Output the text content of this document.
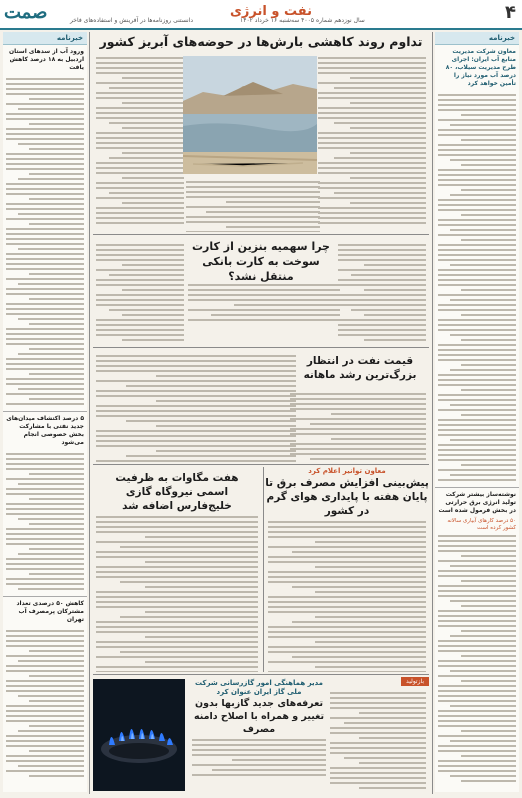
صمت	نفت و انرژی	۴
سال نوزدهم شماره ۴۰۰۵ سه‌شنبه ۱۶ خرداد ۱۴۰۲
دانستنی روزنامه‌ها در آفرینش و استفاده‌های فاخر
خبرنامه
معاون شرکت مدیریت منابع آب ایران: اجرای طرح مدیریت سیلاب، ۸۰ درصد آب مورد نیاز را تأمین خواهد کرد
نوشته‌ساز بیشتر شرکت تولید انرژی برق حرارتی در بخش فرمول شده است
۵۰ درصد کارهای آبیاری سالانه کشور کرده است
خبرنامه
ورود آب از سدهای استان اردبیل به ۱۸ درصد کاهش یافت
۵ درصد اکتشاف میدان‌های جدید نفتی با مشارکت بخش خصوصی انجام می‌شود
کاهش ۵۰ درصدی تعداد مشترکان پرمصرف آب تهران
تداوم روند کاهشی بارش‌ها در حوضه‌های آبریز کشور
چرا سهمیه بنزین از کارت سوخت به کارت بانکی منتقل نشد؟
قیمت نفت در انتظار بزرگ‌ترین رشد ماهانه
معاون توانیر اعلام کرد
پیش‌بینی افزایش مصرف برق تا پایان هفته با پایداری هوای گرم در کشور
هفت مگاوات به ظرفیت اسمی نیروگاه گازی خلیج‌فارس اضافه شد
بازتولید
مدیر هماهنگی امور گازرسانی شرکت ملی گاز ایران عنوان کرد
تعرفه‌های جدید گازبها بدون تغییر و همراه با اصلاح دامنه مصرف
